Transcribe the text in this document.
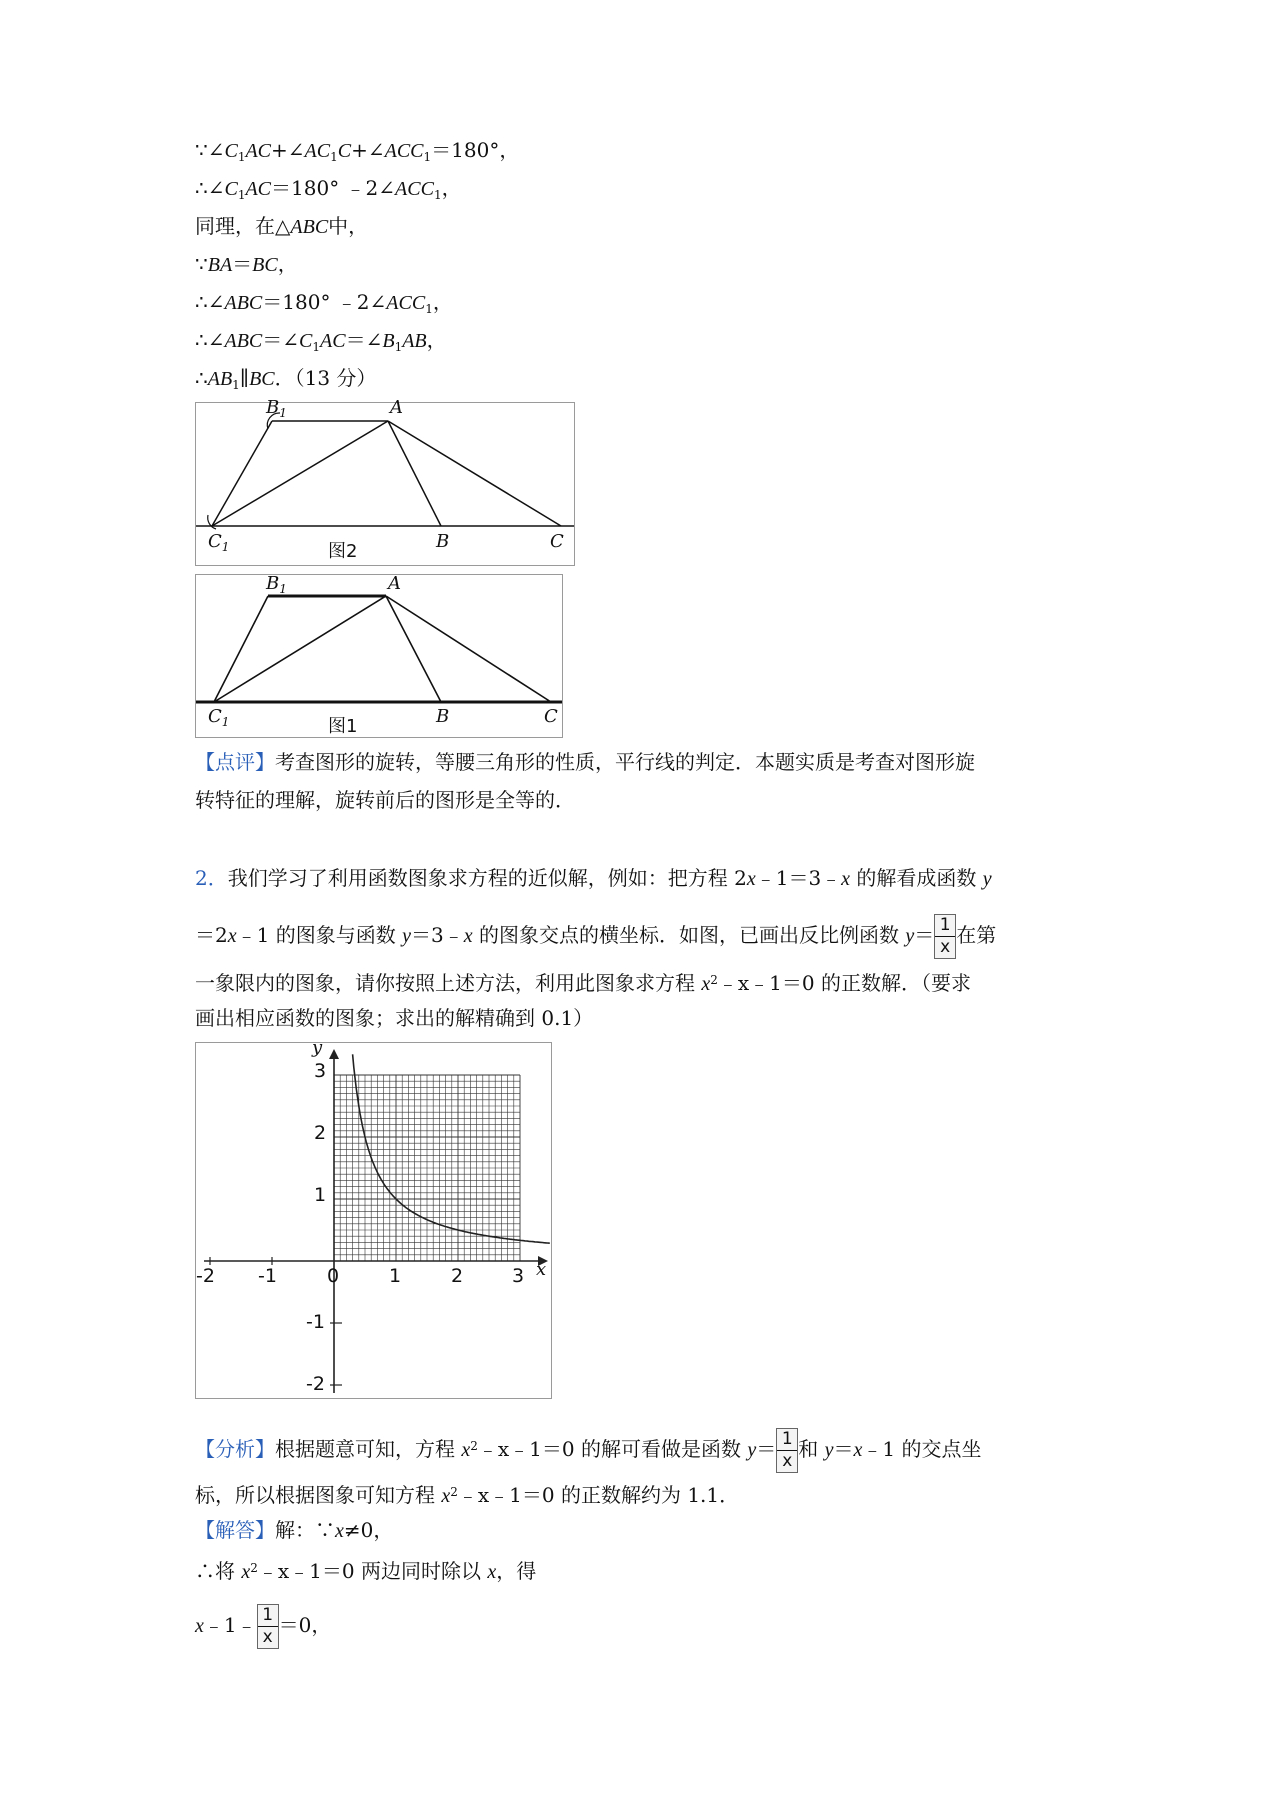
$\because\angle C_1AC+\angle AC_1C+\angle ACC_1=180^\circ$，
$\therefore\angle C_1AC=180^\circ$ $﹣2\angle ACC_1$，
同理，在△ABC中，
∵BA＝BC，
∴∠ABC＝180° $﹣2\angle ACC_1$，
$\therefore\angle ABC=\angle C_1AC=\angle B_1AB$，
$\therefore AB_1\parallel BC$．（13 分）
$B_1$	A
$C_1$	B	C
图2
$B_1$	A
$C_1$	B	C
图1
【点评】考查图形的旋转，等腰三角形的性质，平行线的判定．本题实质是考查对图形旋
转特征的理解，旋转前后的图形是全等的．
2．我们学习了利用函数图象求方程的近似解，例如：把方程 2x﹣1＝3﹣x 的解看成函数 y
＝2x﹣1 的图象与函数 y＝3﹣x 的图象交点的横坐标．如图，已画出反比例函数 $y= \frac{1}{x}$ 在第
一象限内的图象，请你按照上述方法，利用此图象求方程 $x^2﹣x﹣1=0$ 的正数解．（要求
画出相应函数的图象；求出的解精确到 0.1）
y
x
-2 -1	0	1	2	3
3
2
1
-1
-2
【分析】根据题意可知，方程 $x^2﹣x﹣1=0$ 的解可看做是函数 $y= \frac{1}{x}$ 和 y＝x﹣1 的交点坐
标，所以根据图象可知方程 $x^2﹣x﹣1=0$ 的正数解约为 1.1．
【解答】解：∵x≠0，
∴将 $x^2﹣x﹣1=0$ 两边同时除以 x，得
x﹣1﹣ $\frac{1}{x} =0$，
